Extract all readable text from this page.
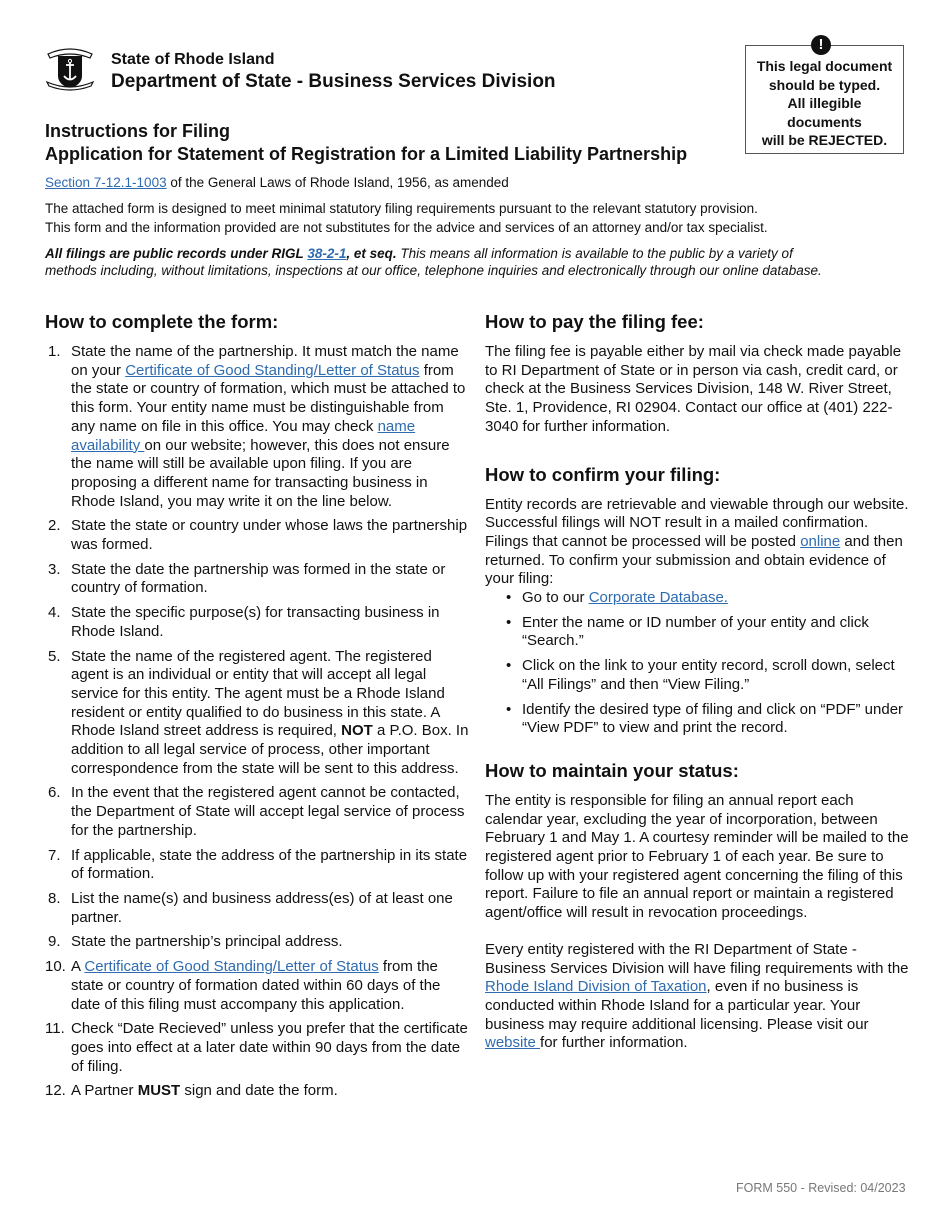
State of Rhode Island
Department of State - Business Services Division
This legal document
should be typed.
All illegible
documents
will be REJECTED.
!
Instructions for Filing
Application for Statement of Registration for a Limited Liability Partnership
Section 7-12.1-1003 of the General Laws of Rhode Island, 1956, as amended
The attached form is designed to meet minimal statutory filing requirements pursuant to the relevant statutory provision.
This form and the information provided are not substitutes for the advice and services of an attorney and/or tax specialist.
All filings are public records under RIGL 38-2-1, et seq. This means all information is available to the public by a variety of methods including, without limitations, inspections at our office, telephone inquiries and electronically through our online database.
How to complete the form:
1. State the name of the partnership. It must match the name on your Certificate of Good Standing/Letter of Status from the state or country of formation, which must be attached to this form. Your entity name must be distinguishable from any name on file in this office. You may check name availability on our website; however, this does not ensure the name will still be available upon filing. If you are proposing a different name for transacting business in Rhode Island, you may write it on the line below.
2. State the state or country under whose laws the partnership was formed.
3. State the date the partnership was formed in the state or country of formation.
4. State the specific purpose(s) for transacting business in Rhode Island.
5. State the name of the registered agent. The registered agent is an individual or entity that will accept all legal service for this entity. The agent must be a Rhode Island resident or entity qualified to do business in this state. A Rhode Island street address is required, NOT a P.O. Box. In addition to all legal service of process, other important correspondence from the state will be sent to this address.
6. In the event that the registered agent cannot be contacted, the Department of State will accept legal service of process for the partnership.
7. If applicable, state the address of the partnership in its state of formation.
8. List the name(s) and business address(es) of at least one partner.
9. State the partnership’s principal address.
10. A Certificate of Good Standing/Letter of Status from the state or country of formation dated within 60 days of the date of this filing must accompany this application.
11. Check “Date Recieved” unless you prefer that the certificate goes into effect at a later date within 90 days from the date of filing.
12. A Partner MUST sign and date the form.
How to pay the filing fee:

The filing fee is payable either by mail via check made payable to RI Department of State or in person via cash, credit card, or check at the Business Services Division, 148 W. River Street, Ste. 1, Providence, RI 02904. Contact our office at (401) 222-3040 for further information.

How to confirm your filing:

Entity records are retrievable and viewable through our website. Successful filings will NOT result in a mailed confirmation. Filings that cannot be processed will be posted online and then returned. To confirm your submission and obtain evidence of your filing:

• Go to our Corporate Database.
• Enter the name or ID number of your entity and click “Search.”
• Click on the link to your entity record, scroll down, select “All Filings” and then “View Filing.”
• Identify the desired type of filing and click on “PDF” under “View PDF” to view and print the record.
How to maintain your status:

The entity is responsible for filing an annual report each calendar year, excluding the year of incorporation, between February 1 and May 1. A courtesy reminder will be mailed to the registered agent prior to February 1 of each year. Be sure to follow up with your registered agent concerning the filing of this report. Failure to file an annual report or maintain a registered agent/office will result in revocation proceedings.

Every entity registered with the RI Department of State - Business Services Division will have filing requirements with the Rhode Island Division of Taxation, even if no business is conducted within Rhode Island for a particular year. Your business may require additional licensing. Please visit our website for further information.

FORM 550 - Revised: 04/2023
